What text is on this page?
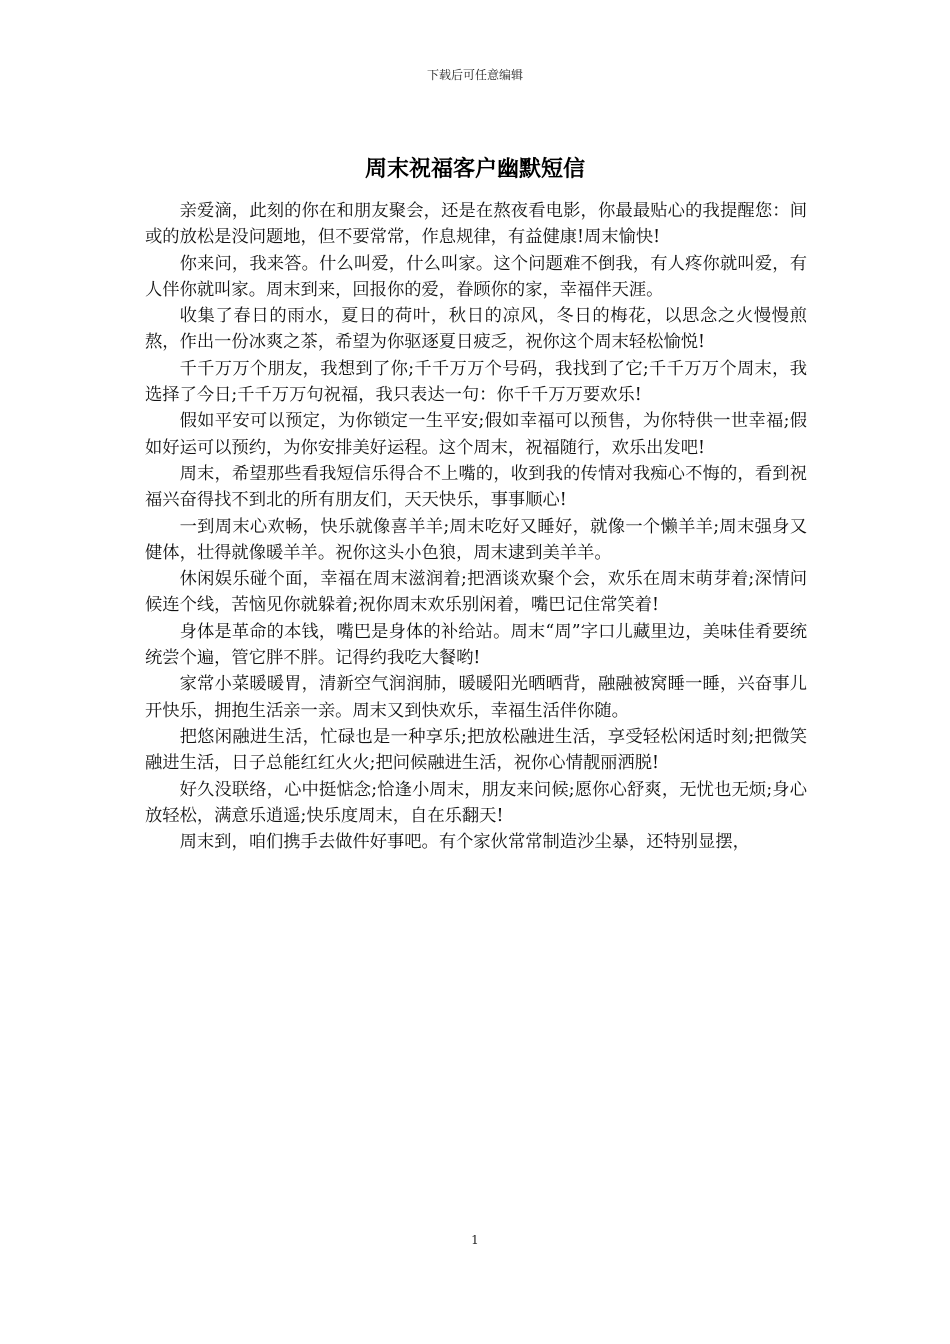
下载后可任意编辑
周末祝福客户幽默短信

亲爱滴，此刻的你在和朋友聚会，还是在熬夜看电影，你最最贴心的我提醒您：间或的放松是没问题地，但不要常常，作息规律，有益健康!周末愉快!

你来问，我来答。什么叫爱，什么叫家。这个问题难不倒我，有人疼你就叫爱，有人伴你就叫家。周末到来，回报你的爱，眷顾你的家，幸福伴天涯。

收集了春日的雨水，夏日的荷叶，秋日的凉风，冬日的梅花，以思念之火慢慢煎熬，作出一份冰爽之茶，希望为你驱逐夏日疲乏，祝你这个周末轻松愉悦!

千千万万个朋友，我想到了你;千千万万个号码，我找到了它;千千万万个周末，我选择了今日;千千万万句祝福，我只表达一句：你千千万万要欢乐!

假如平安可以预定，为你锁定一生平安;假如幸福可以预售，为你特供一世幸福;假如好运可以预约，为你安排美好运程。这个周末，祝福随行，欢乐出发吧!

周末，希望那些看我短信乐得合不上嘴的，收到我的传情对我痴心不悔的，看到祝福兴奋得找不到北的所有朋友们，天天快乐，事事顺心!

一到周末心欢畅，快乐就像喜羊羊;周末吃好又睡好，就像一个懒羊羊;周末强身又健体，壮得就像暖羊羊。祝你这头小色狼，周末逮到美羊羊。

休闲娱乐碰个面，幸福在周末滋润着;把酒谈欢聚个会，欢乐在周末萌芽着;深情问候连个线，苦恼见你就躲着;祝你周末欢乐别闲着，嘴巴记住常笑着!

身体是革命的本钱，嘴巴是身体的补给站。周末“周”字口儿藏里边，美味佳肴要统统尝个遍，管它胖不胖。记得约我吃大餐哟!

家常小菜暖暖胃，清新空气润润肺，暖暖阳光晒晒背，融融被窝睡一睡，兴奋事儿开快乐，拥抱生活亲一亲。周末又到快欢乐，幸福生活伴你随。

把悠闲融进生活，忙碌也是一种享乐;把放松融进生活，享受轻松闲适时刻;把微笑融进生活，日子总能红红火火;把问候融进生活，祝你心情靓丽洒脱!

好久没联络，心中挺惦念;恰逢小周末，朋友来问候;愿你心舒爽，无忧也无烦;身心放轻松，满意乐逍遥;快乐度周末，自在乐翻天!

周末到，咱们携手去做件好事吧。有个家伙常常制造沙尘暴，还特别显摆，

1
